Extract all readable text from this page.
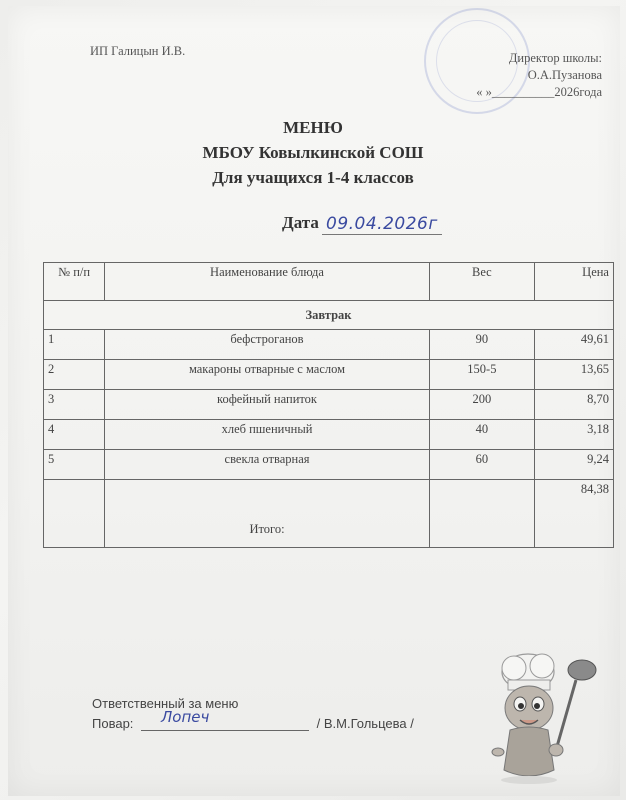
ИП Галицын И.В.	Директор школы:
О.А.Пузанова
« »__________2026года
МЕНЮ
МБОУ Ковылкинской СОШ
Для учащихся 1-4 классов
Дата 09.04.2026г
№ п/п	Наименование блюда	Вес	Цена
Завтрак			
1	бефстроганов	90	49,61
2	макароны отварные с маслом	150-5	13,65
3	кофейный напиток	200	8,70
4	хлеб пшеничный	40	3,18
5	свекла отварная	60	9,24
	Итого:		84,38
Ответственный за меню
Повар: Лопеч	/ В.М.Гольцева /
